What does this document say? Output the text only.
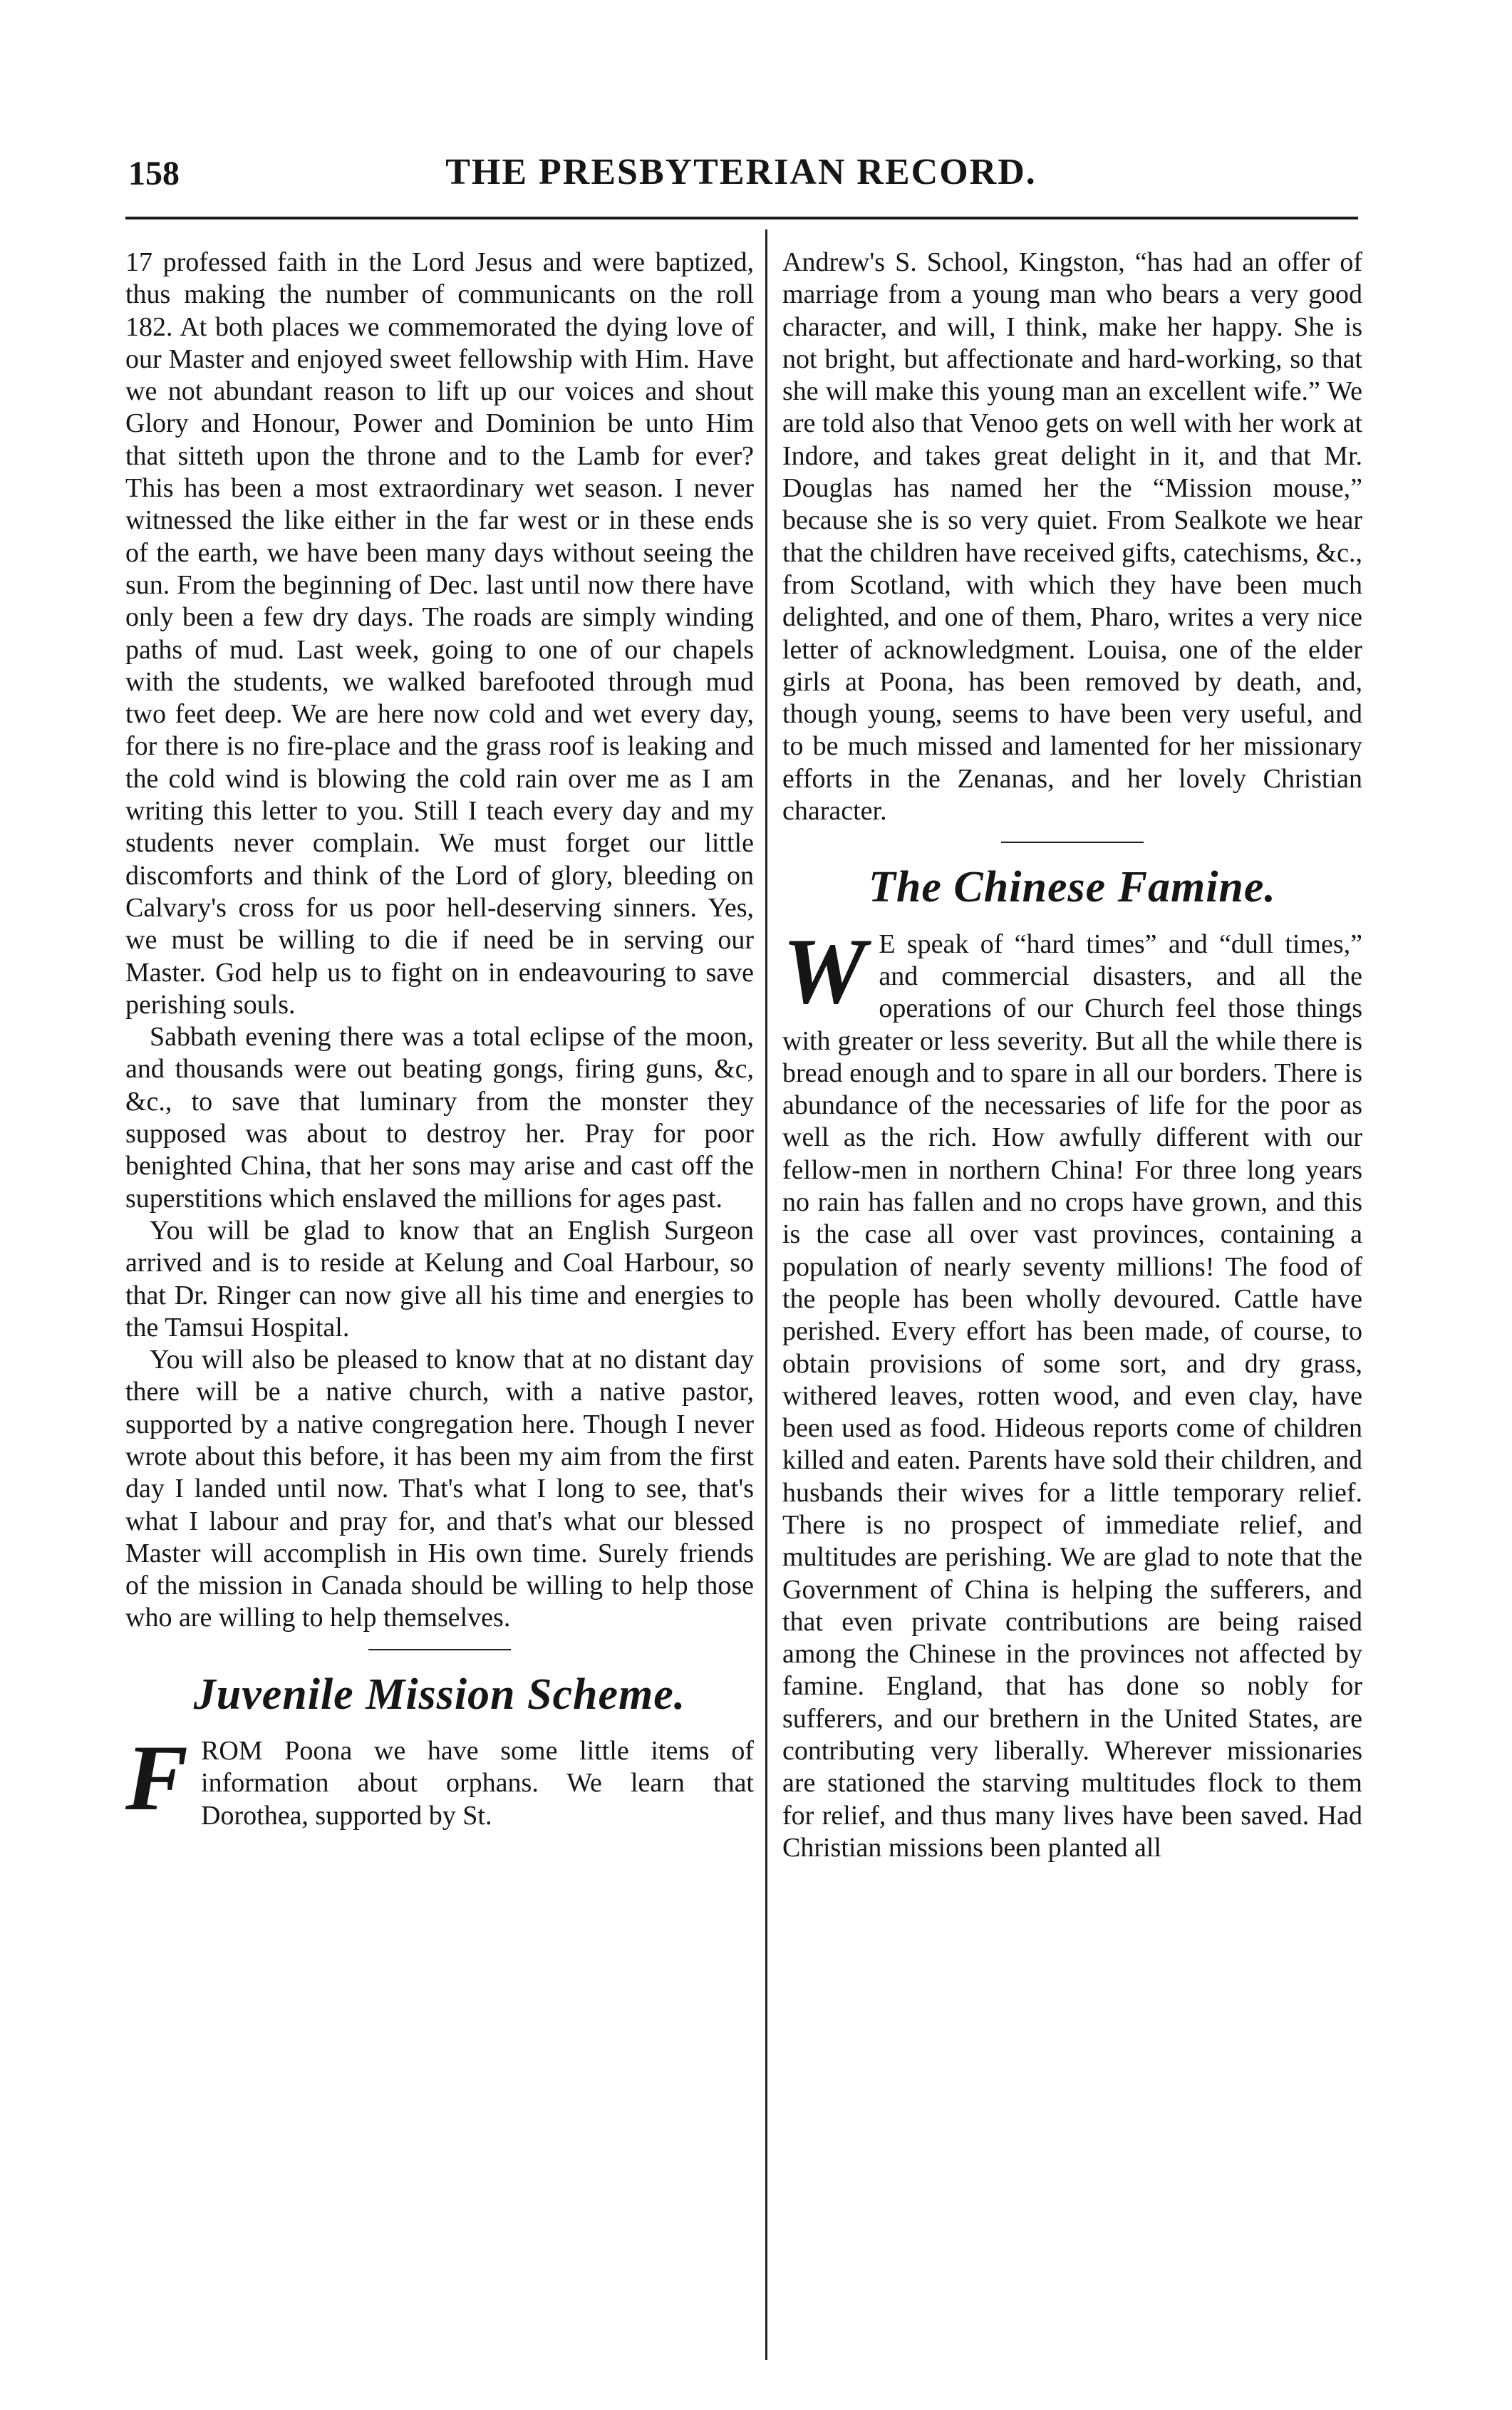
158	THE PRESBYTERIAN RECORD.

17 professed faith in the Lord Jesus and were baptized, thus making the number of communicants on the roll 182. At both places we commemorated the dying love of our Master and enjoyed sweet fellowship with Him. Have we not abundant reason to lift up our voices and shout Glory and Honour, Power and Dominion be unto Him that sitteth upon the throne and to the Lamb for ever? This has been a most extraordinary wet season. I never witnessed the like either in the far west or in these ends of the earth, we have been many days without seeing the sun. From the beginning of Dec. last until now there have only been a few dry days. The roads are simply winding paths of mud. Last week, going to one of our chapels with the students, we walked barefooted through mud two feet deep. We are here now cold and wet every day, for there is no fire-place and the grass roof is leaking and the cold wind is blowing the cold rain over me as I am writing this letter to you. Still I teach every day and my students never complain. We must forget our little discomforts and think of the Lord of glory, bleeding on Calvary's cross for us poor hell-deserving sinners. Yes, we must be willing to die if need be in serving our Master. God help us to fight on in endeavouring to save perishing souls.

Sabbath evening there was a total eclipse of the moon, and thousands were out beating gongs, firing guns, &c, &c., to save that luminary from the monster they supposed was about to destroy her. Pray for poor benighted China, that her sons may arise and cast off the superstitions which enslaved the millions for ages past.

You will be glad to know that an English Surgeon arrived and is to reside at Kelung and Coal Harbour, so that Dr. Ringer can now give all his time and energies to the Tamsui Hospital.

You will also be pleased to know that at no distant day there will be a native church, with a native pastor, supported by a native congregation here. Though I never wrote about this before, it has been my aim from the first day I landed until now. That's what I long to see, that's what I labour and pray for, and that's what our blessed Master will accomplish in His own time. Surely friends of the mission in Canada should be willing to help those who are willing to help themselves.

Juvenile Mission Scheme.

FROM Poona we have some little items of information about orphans. We learn that Dorothea, supported by St.

Andrew's S. School, Kingston, “has had an offer of marriage from a young man who bears a very good character, and will, I think, make her happy. She is not bright, but affectionate and hard-working, so that she will make this young man an excellent wife.” We are told also that Venoo gets on well with her work at Indore, and takes great delight in it, and that Mr. Douglas has named her the “Mission mouse,” because she is so very quiet. From Sealkote we hear that the children have received gifts, catechisms, &c., from Scotland, with which they have been much delighted, and one of them, Pharo, writes a very nice letter of acknowledgment. Louisa, one of the elder girls at Poona, has been removed by death, and, though young, seems to have been very useful, and to be much missed and lamented for her missionary efforts in the Zenanas, and her lovely Christian character.

The Chinese Famine.

W E speak of “hard times” and “dull times,” and commercial disasters, and all the operations of our Church feel those things with greater or less severity. But all the while there is bread enough and to spare in all our borders. There is abundance of the necessaries of life for the poor as well as the rich. How awfully different with our fellow-men in northern China! For three long years no rain has fallen and no crops have grown, and this is the case all over vast provinces, containing a population of nearly seventy millions! The food of the people has been wholly devoured. Cattle have perished. Every effort has been made, of course, to obtain provisions of some sort, and dry grass, withered leaves, rotten wood, and even clay, have been used as food. Hideous reports come of children killed and eaten. Parents have sold their children, and husbands their wives for a little temporary relief. There is no prospect of immediate relief, and multitudes are perishing. We are glad to note that the Government of China is helping the sufferers, and that even private contributions are being raised among the Chinese in the provinces not affected by famine. England, that has done so nobly for sufferers, and our brethern in the United States, are contributing very liberally. Wherever missionaries are stationed the starving multitudes flock to them for relief, and thus many lives have been saved. Had Christian missions been planted all
